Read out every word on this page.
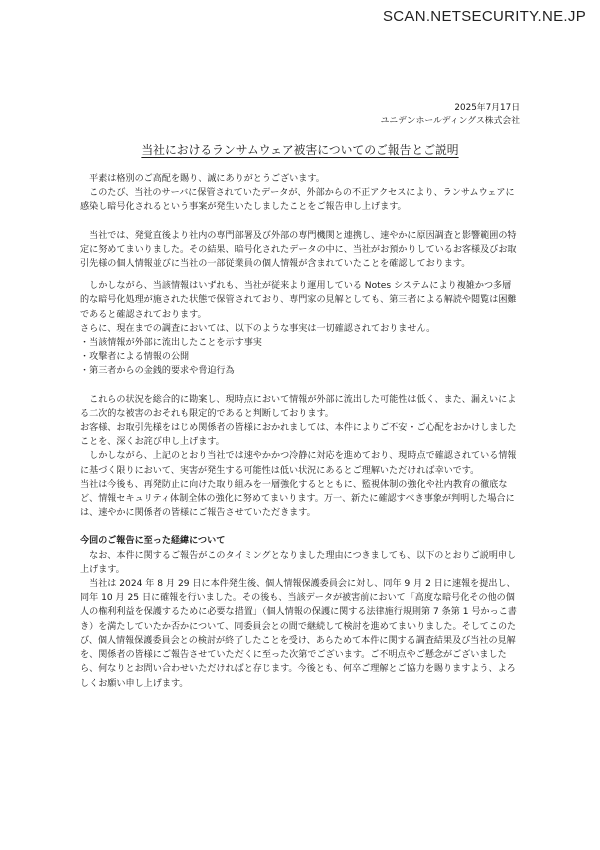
SCAN.NETSECURITY.NE.JP
2025年7月17日
ユニデンホールディングス株式会社
当社におけるランサムウェア被害についてのご報告とご説明

平素は格別のご高配を賜り、誠にありがとうございます。

このたび、当社のサーバに保管されていたデータが、外部からの不正アクセスにより、ランサムウェアに感染し暗号化されるという事案が発生いたしましたことをご報告申し上げます。

当社では、発覚直後より社内の専門部署及び外部の専門機関と連携し、速やかに原因調査と影響範囲の特定に努めてまいりました。その結果、暗号化されたデータの中に、当社がお預かりしているお客様及びお取引先様の個人情報並びに当社の一部従業員の個人情報が含まれていたことを確認しております。

しかしながら、当該情報はいずれも、当社が従来より運用している Notes システムにより複雑かつ多層的な暗号化処理が施された状態で保管されており、専門家の見解としても、第三者による解読や閲覧は困難であると確認されております。

さらに、現在までの調査においては、以下のような事実は一切確認されておりません。

・ 当該情報が外部に流出したことを示す事実

・ 攻撃者による情報の公開

・ 第三者からの金銭的要求や脅迫行為

これらの状況を総合的に勘案し、現時点において情報が外部に流出した可能性は低く、また、漏えいによる二次的な被害のおそれも限定的であると判断しております。

お客様、お取引先様をはじめ関係者の皆様におかれましては、本件によりご不安・ご心配をおかけしましたことを、深くお詫び申し上げます。

しかしながら、上記のとおり当社では速やかかつ冷静に対応を進めており、現時点で確認されている情報に基づく限りにおいて、実害が発生する可能性は低い状況にあるとご理解いただければ幸いです。

当社は今後も、再発防止に向けた取り組みを一層強化するとともに、監視体制の強化や社内教育の徹底など、情報セキュリティ体制全体の強化に努めてまいります。万一、新たに確認すべき事象が判明した場合には、速やかに関係者の皆様にご報告させていただきます。

今回のご報告に至った経緯について

なお、本件に関するご報告がこのタイミングとなりました理由につきましても、以下のとおりご説明申し上げます。

当社は 2024 年 8 月 29 日に本件発生後、個人情報保護委員会に対し、同年 9 月 2 日に速報を提出し、同年 10 月 25 日に確報を行いました。その後も、当該データが被害前において「高度な暗号化その他の個人の権利利益を保護するために必要な措置」（個人情報の保護に関する法律施行規則第 7 条第 1 号かっこ書き）を満たしていたか否かについて、同委員会との間で継続して検討を進めてまいりました。そしてこのたび、個人情報保護委員会との検討が終了したことを受け、あらためて本件に関する調査結果及び当社の見解を、関係者の皆様にご報告させていただくに至った次第でございます。ご不明点やご懸念がございましたら、何なりとお問い合わせいただければと存じます。今後とも、何卒ご理解とご協力を賜りますよう、よろしくお願い申し上げます。
